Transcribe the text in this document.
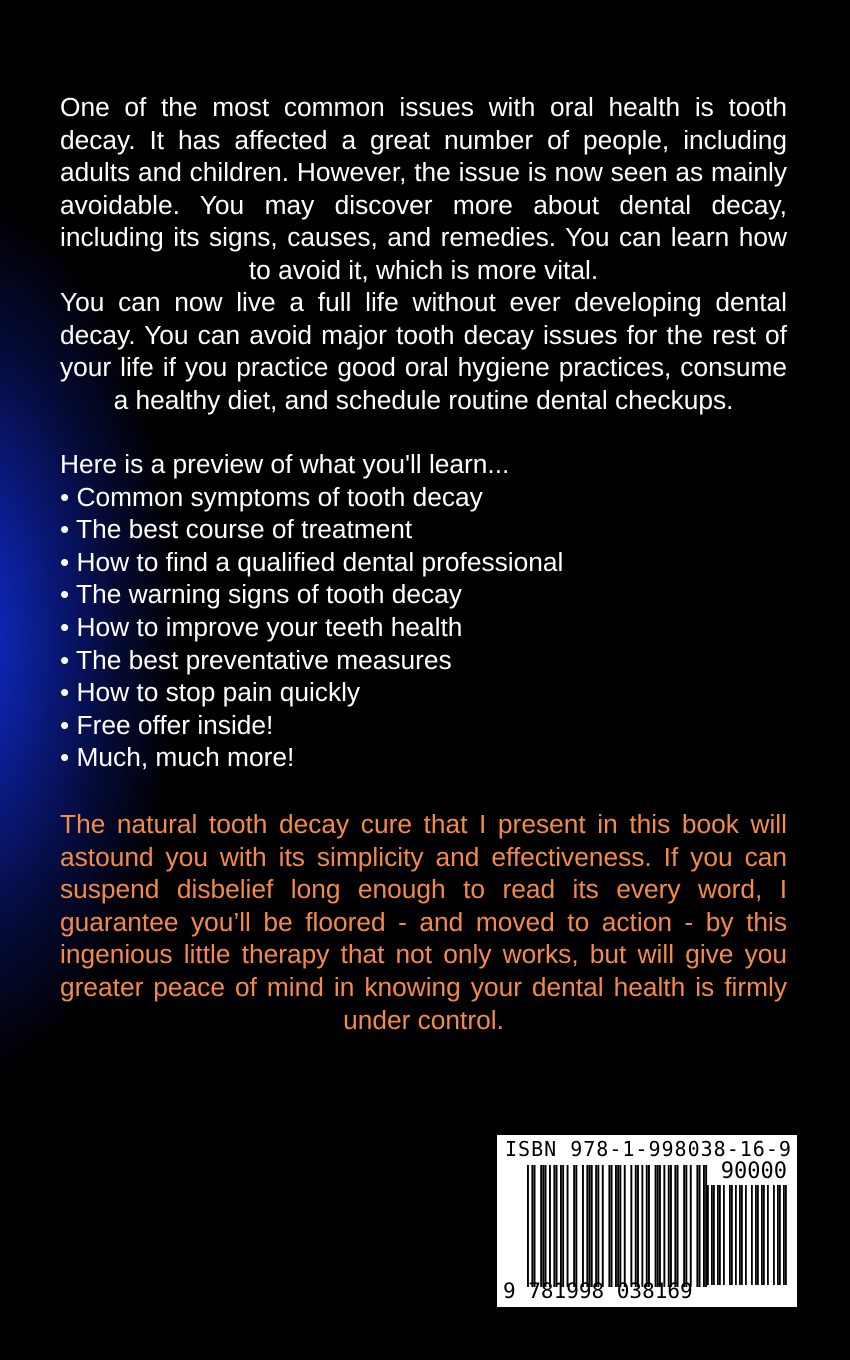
One of the most common issues with oral health is tooth decay. It has affected a great number of people, including adults and children. However, the issue is now seen as mainly avoidable. You may discover more about dental decay, including its signs, causes, and remedies. You can learn how to avoid it, which is more vital.

You can now live a full life without ever developing dental decay. You can avoid major tooth decay issues for the rest of your life if you practice good oral hygiene practices, consume a healthy diet, and schedule routine dental checkups.

Here is a preview of what you'll learn...
• Common symptoms of tooth decay
• The best course of treatment
• How to find a qualified dental professional
• The warning signs of tooth decay
• How to improve your teeth health
• The best preventative measures
• How to stop pain quickly
• Free offer inside!
• Much, much more!

The natural tooth decay cure that I present in this book will astound you with its simplicity and effectiveness. If you can suspend disbelief long enough to read its every word, I guarantee you’ll be floored - and moved to action - by this ingenious little therapy that not only works, but will give you greater peace of mind in knowing your dental health is firmly under control.

ISBN 978-1-998038-16-9
90000
9 781998 038169
